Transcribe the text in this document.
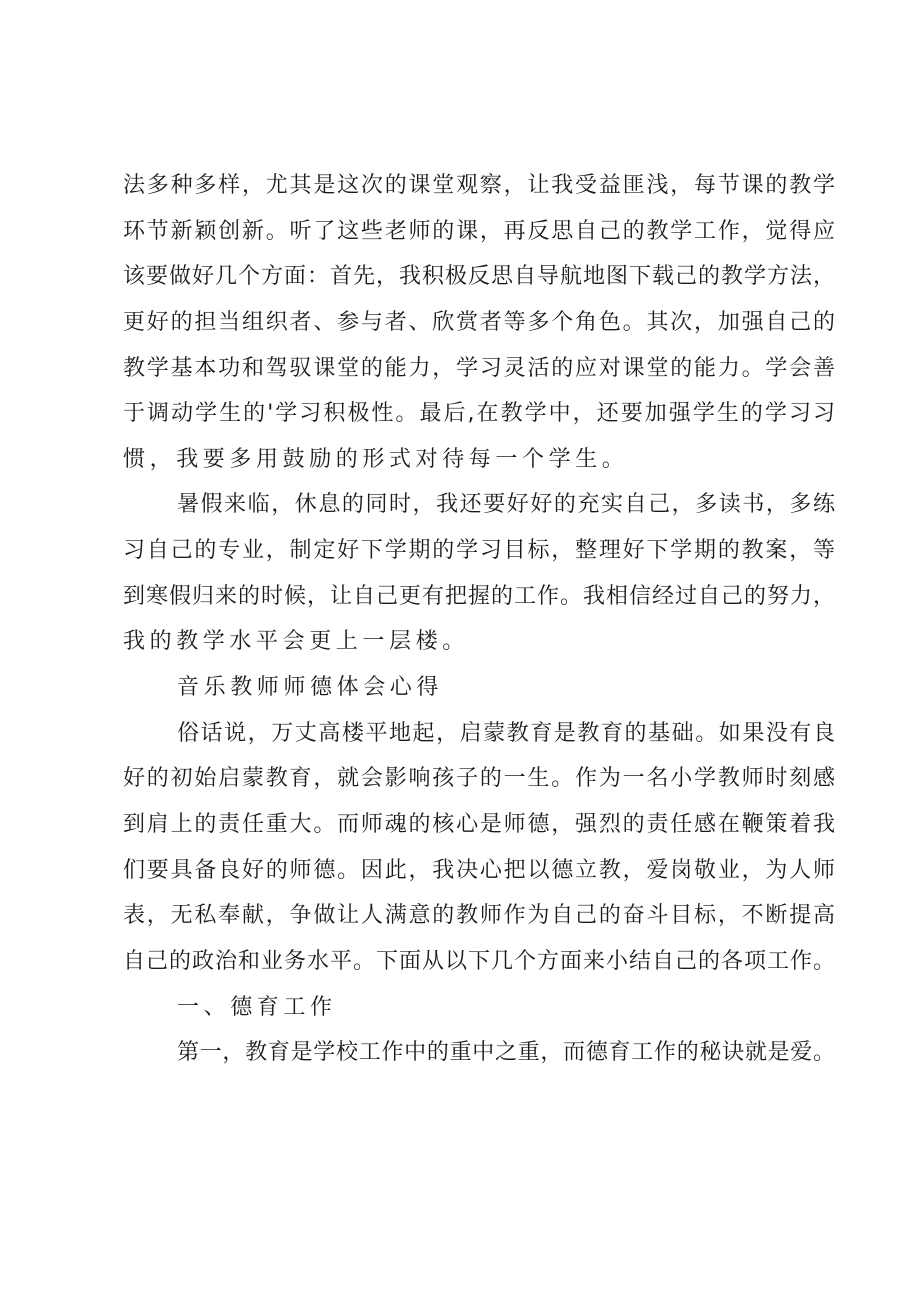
法多种多样，尤其是这次的课堂观察，让我受益匪浅，每节课的教学
环节新颖创新。听了这些老师的课，再反思自己的教学工作，觉得应
该要做好几个方面：首先，我积极反思自导航地图下载己的教学方法，
更好的担当组织者、参与者、欣赏者等多个角色。其次，加强自己的
教学基本功和驾驭课堂的能力，学习灵活的应对课堂的能力。学会善
于调动学生的'学习积极性。最后,在教学中，还要加强学生的学习习
惯，我要多用鼓励的形式对待每一个学生。
暑假来临，休息的同时，我还要好好的充实自己，多读书，多练
习自己的专业，制定好下学期的学习目标，整理好下学期的教案，等
到寒假归来的时候，让自己更有把握的工作。我相信经过自己的努力，
我的教学水平会更上一层楼。
音乐教师师德体会心得
俗话说，万丈高楼平地起，启蒙教育是教育的基础。如果没有良
好的初始启蒙教育，就会影响孩子的一生。作为一名小学教师时刻感
到肩上的责任重大。而师魂的核心是师德，强烈的责任感在鞭策着我
们要具备良好的师德。因此，我决心把以德立教，爱岗敬业，为人师
表，无私奉献，争做让人满意的教师作为自己的奋斗目标，不断提高
自己的政治和业务水平。下面从以下几个方面来小结自己的各项工作。
一、德育工作
第一，教育是学校工作中的重中之重，而德育工作的秘诀就是爱。
